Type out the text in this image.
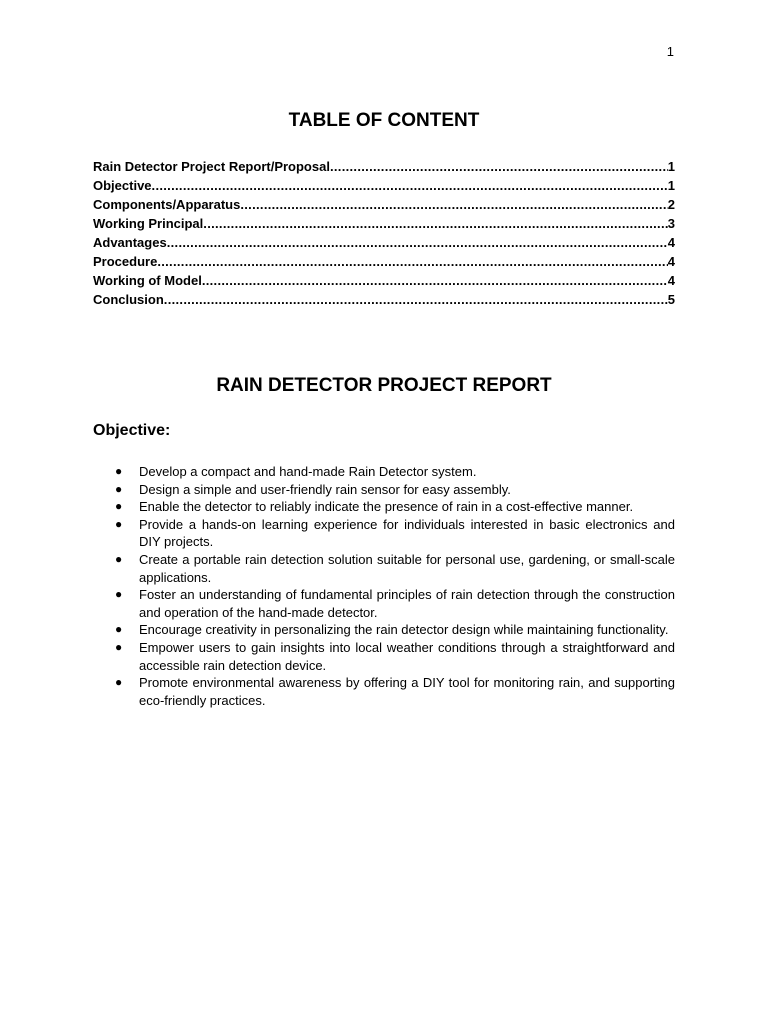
1
TABLE OF CONTENT
Rain Detector Project Report/Proposal .....	1
Objective .....	1
Components/Apparatus .....	2
Working Principal .....	3
Advantages .....	4
Procedure .....	4
Working of Model .....	4
Conclusion .....	5
RAIN DETECTOR PROJECT REPORT
Objective:
● Develop a compact and hand-made Rain Detector system.
● Design a simple and user-friendly rain sensor for easy assembly.
● Enable the detector to reliably indicate the presence of rain in a cost-effective manner.
● Provide a hands-on learning experience for individuals interested in basic electronics and DIY projects.
● Create a portable rain detection solution suitable for personal use, gardening, or small-scale applications.
● Foster an understanding of fundamental principles of rain detection through the construction and operation of the hand-made detector.
● Encourage creativity in personalizing the rain detector design while maintaining functionality.
● Empower users to gain insights into local weather conditions through a straightforward and accessible rain detection device.
● Promote environmental awareness by offering a DIY tool for monitoring rain, and supporting eco-friendly practices.
